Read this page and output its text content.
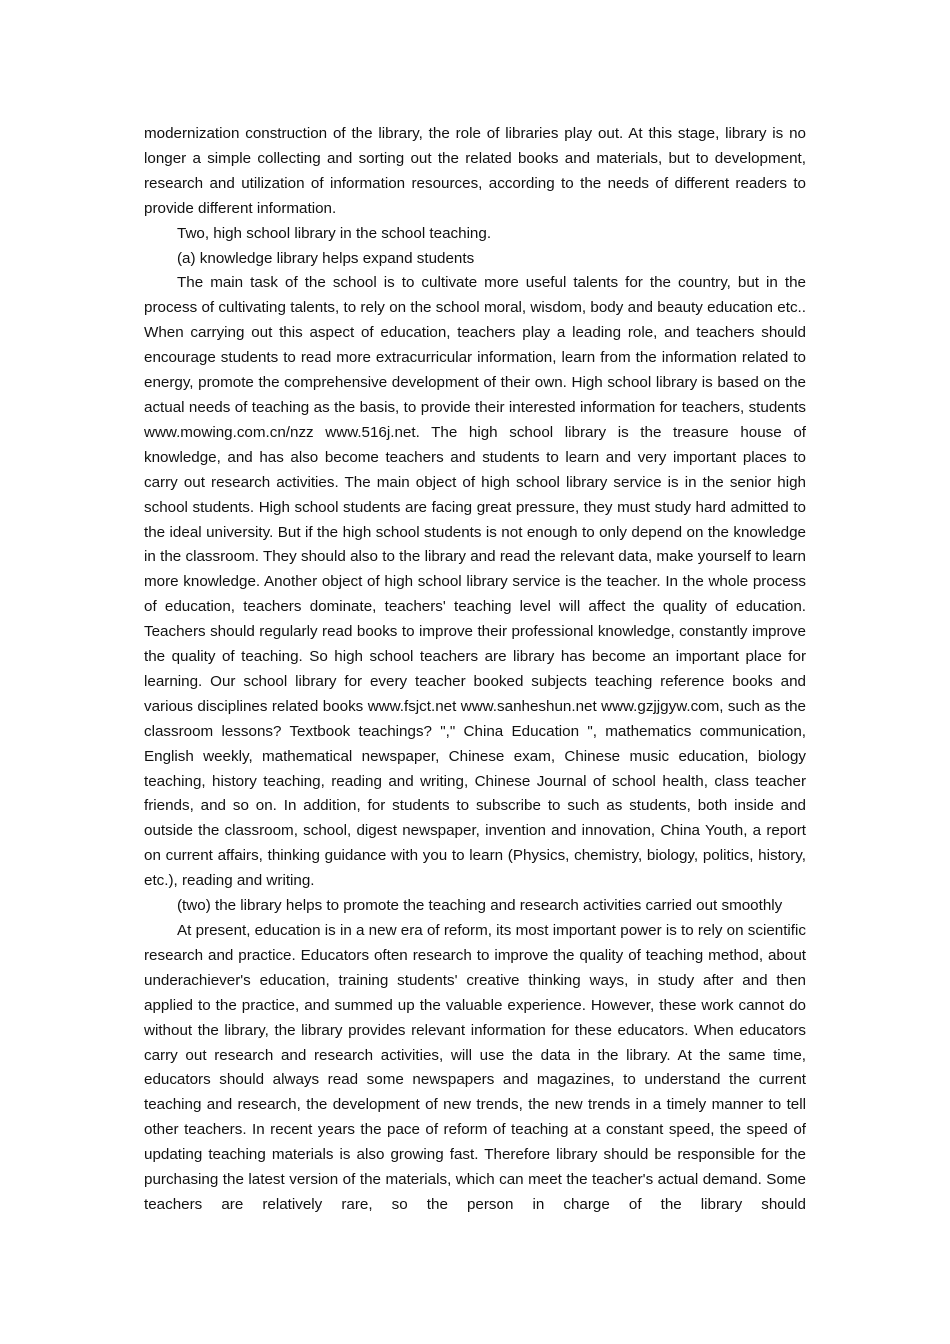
modernization construction of the library, the role of libraries play out. At this stage, library is no longer a simple collecting and sorting out the related books and materials, but to development, research and utilization of information resources, according to the needs of different readers to provide different information.

Two, high school library in the school teaching.

(a) knowledge library helps expand students

The main task of the school is to cultivate more useful talents for the country, but in the process of cultivating talents, to rely on the school moral, wisdom, body and beauty education etc.. When carrying out this aspect of education, teachers play a leading role, and teachers should encourage students to read more extracurricular information, learn from the information related to energy, promote the comprehensive development of their own. High school library is based on the actual needs of teaching as the basis, to provide their interested information for teachers, students www.mowing.com.cn/nzz www.516j.net. The high school library is the treasure house of knowledge, and has also become teachers and students to learn and very important places to carry out research activities. The main object of high school library service is in the senior high school students. High school students are facing great pressure, they must study hard admitted to the ideal university. But if the high school students is not enough to only depend on the knowledge in the classroom. They should also to the library and read the relevant data, make yourself to learn more knowledge. Another object of high school library service is the teacher. In the whole process of education, teachers dominate, teachers' teaching level will affect the quality of education. Teachers should regularly read books to improve their professional knowledge, constantly improve the quality of teaching. So high school teachers are library has become an important place for learning. Our school library for every teacher booked subjects teaching reference books and various disciplines related books www.fsjct.net www.sanheshun.net www.gzjjgyw.com, such as the classroom lessons? Textbook teachings? "," China Education ", mathematics communication, English weekly, mathematical newspaper, Chinese exam, Chinese music education, biology teaching, history teaching, reading and writing, Chinese Journal of school health, class teacher friends, and so on. In addition, for students to subscribe to such as students, both inside and outside the classroom, school, digest newspaper, invention and innovation, China Youth, a report on current affairs, thinking guidance with you to learn (Physics, chemistry, biology, politics, history, etc.), reading and writing.

(two) the library helps to promote the teaching and research activities carried out smoothly

At present, education is in a new era of reform, its most important power is to rely on scientific research and practice. Educators often research to improve the quality of teaching method, about underachiever's education, training students' creative thinking ways, in study after and then applied to the practice, and summed up the valuable experience. However, these work cannot do without the library, the library provides relevant information for these educators. When educators carry out research and research activities, will use the data in the library. At the same time, educators should always read some newspapers and magazines, to understand the current teaching and research, the development of new trends, the new trends in a timely manner to tell other teachers. In recent years the pace of reform of teaching at a constant speed, the speed of updating teaching materials is also growing fast. Therefore library should be responsible for the purchasing the latest version of the materials, which can meet the teacher's actual demand. Some teachers are relatively rare, so the person in charge of the library should
